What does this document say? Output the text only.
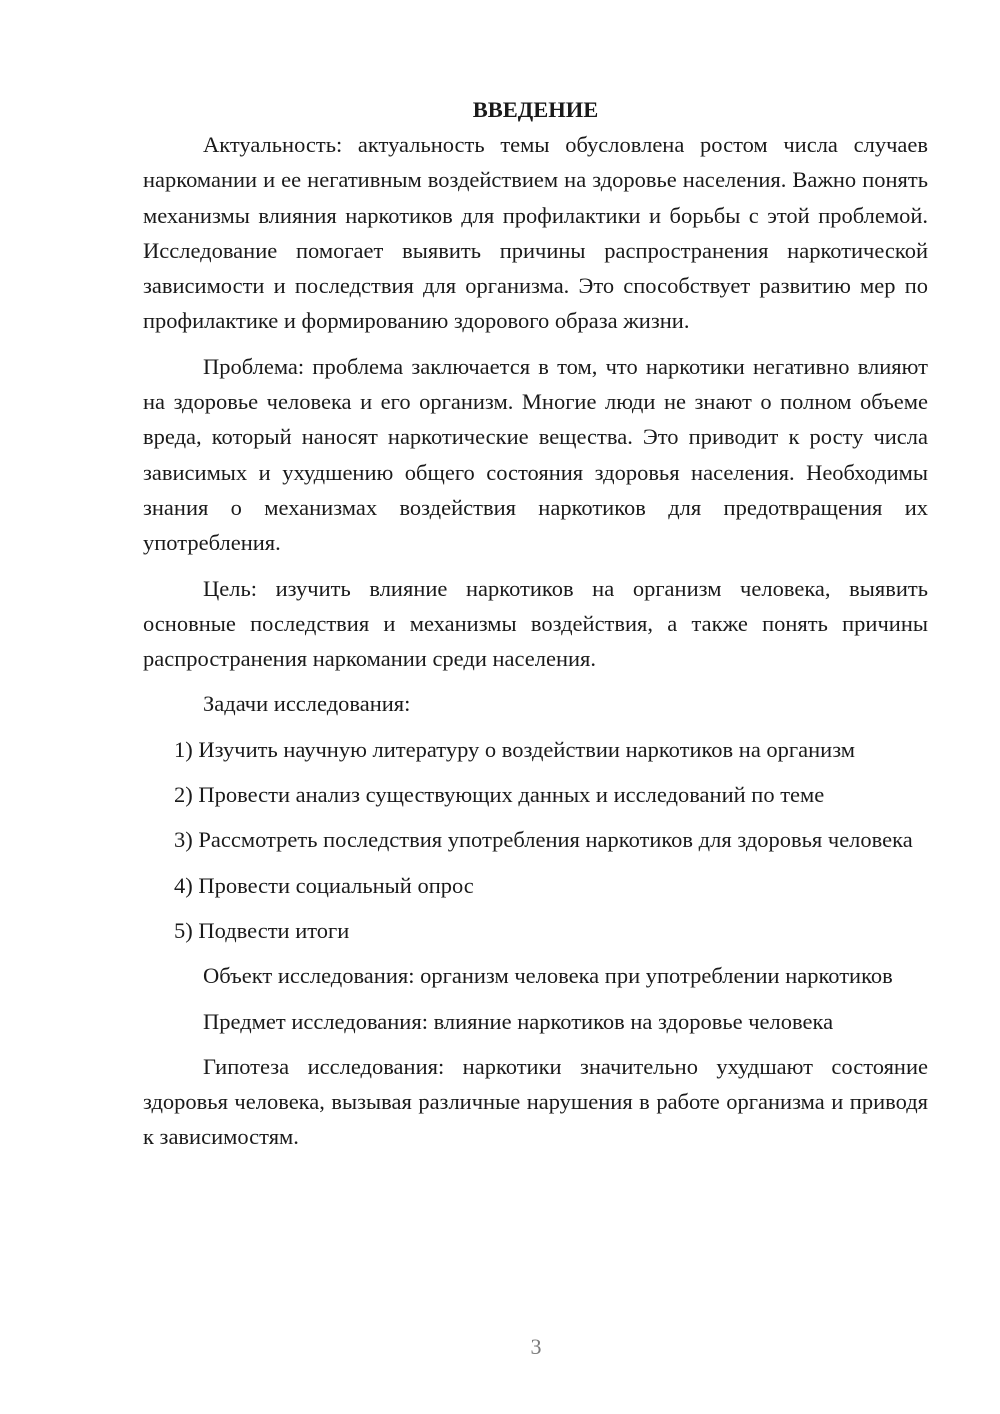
ВВЕДЕНИЕ

Актуальность: актуальность темы обусловлена ростом числа случаев наркомании и ее негативным воздействием на здоровье населения. Важно понять механизмы влияния наркотиков для профилактики и борьбы с этой проблемой. Исследование помогает выявить причины распространения наркотической зависимости и последствия для организма. Это способствует развитию мер по профилактике и формированию здорового образа жизни.

Проблема: проблема заключается в том, что наркотики негативно влияют на здоровье человека и его организм. Многие люди не знают о полном объеме вреда, который наносят наркотические вещества. Это приводит к росту числа зависимых и ухудшению общего состояния здоровья населения. Необходимы знания о механизмах воздействия наркотиков для предотвращения их употребления.

Цель: изучить влияние наркотиков на организм человека, выявить основные последствия и механизмы воздействия, а также понять причины распространения наркомании среди населения.

Задачи исследования:

1) Изучить научную литературу о воздействии наркотиков на организм

2) Провести анализ существующих данных и исследований по теме

3) Рассмотреть последствия употребления наркотиков для здоровья человека

4) Провести социальный опрос

5) Подвести итоги

Объект исследования: организм человека при употреблении наркотиков

Предмет исследования: влияние наркотиков на здоровье человека

Гипотеза исследования: наркотики значительно ухудшают состояние здоровья человека, вызывая различные нарушения в работе организма и приводя к зависимостям.

3
